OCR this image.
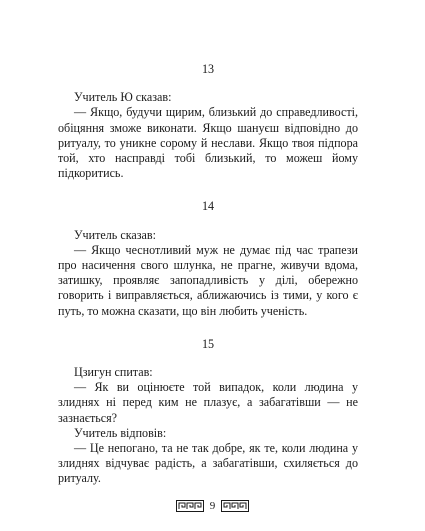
13

Учитель Ю сказав:

— Якщо, будучи щирим, близький до справедливості, обіцяння зможе виконати. Якщо шануєш відповідно до ритуалу, то уникне сорому й неслави. Якщо твоя підпора той, хто насправді тобі близький, то можеш йому підкоритись.

14

Учитель сказав:

— Якщо чеснотливий муж не думає під час трапези про насичення свого шлунка, не прагне, живучи вдома, затишку, проявляє запопадливість у ділі, обережно говорить і виправляється, аближаючись із тими, у кого є путь, то можна сказати, що він любить ученість.

15

Цзигун спитав:

— Як ви оцінюєте той випадок, коли людина у злиднях ні перед ким не плазує, а забагатівши — не зазнається?

Учитель відповів:

— Це непогано, та не так добре, як те, коли людина у злиднях відчуває радість, а забагатівши, схиляється до ритуалу.

9
